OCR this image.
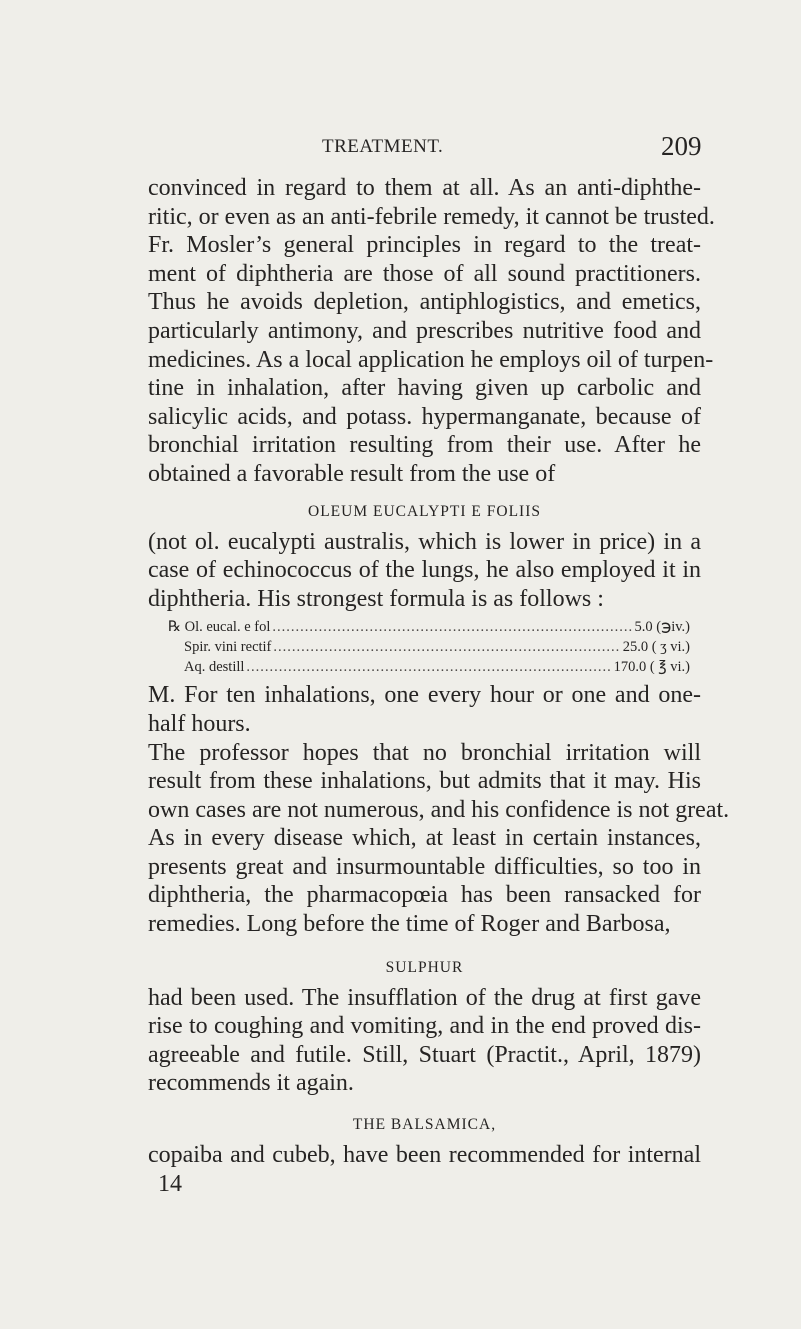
TREATMENT.	209
convinced in regard to them at all. As an anti-diphthe-
ritic, or even as an anti-febrile remedy, it cannot be trusted.
Fr. Mosler’s general principles in regard to the treat-
ment of diphtheria are those of all sound practitioners.
Thus he avoids depletion, antiphlogistics, and emetics,
particularly antimony, and prescribes nutritive food and
medicines. As a local application he employs oil of turpen-
tine in inhalation, after having given up carbolic and
salicylic acids, and potass. hypermanganate, because of
bronchial irritation resulting from their use. After he
obtained a favorable result from the use of
OLEUM EUCALYPTI E FOLIIS
(not ol. eucalypti australis, which is lower in price) in a
case of echinococcus of the lungs, he also employed it in
diphtheria. His strongest formula is as follows :
℞ Ol. eucal. e fol .....	5.0 (℈iv.)
Spir. vini rectif .....	25.0 ( ʒ vi.)
Aq. destill .....	170.0 ( ℥ vi.)
M. For ten inhalations, one every hour or one and one-
half hours.
The professor hopes that no bronchial irritation will
result from these inhalations, but admits that it may. His
own cases are not numerous, and his confidence is not great.
As in every disease which, at least in certain instances,
presents great and insurmountable difficulties, so too in
diphtheria, the pharmacopœia has been ransacked for
remedies. Long before the time of Roger and Barbosa,
SULPHUR
had been used. The insufflation of the drug at first gave
rise to coughing and vomiting, and in the end proved dis-
agreeable and futile. Still, Stuart (Practit., April, 1879)
recommends it again.
THE BALSAMICA,
copaiba and cubeb, have been recommended for internal
14
